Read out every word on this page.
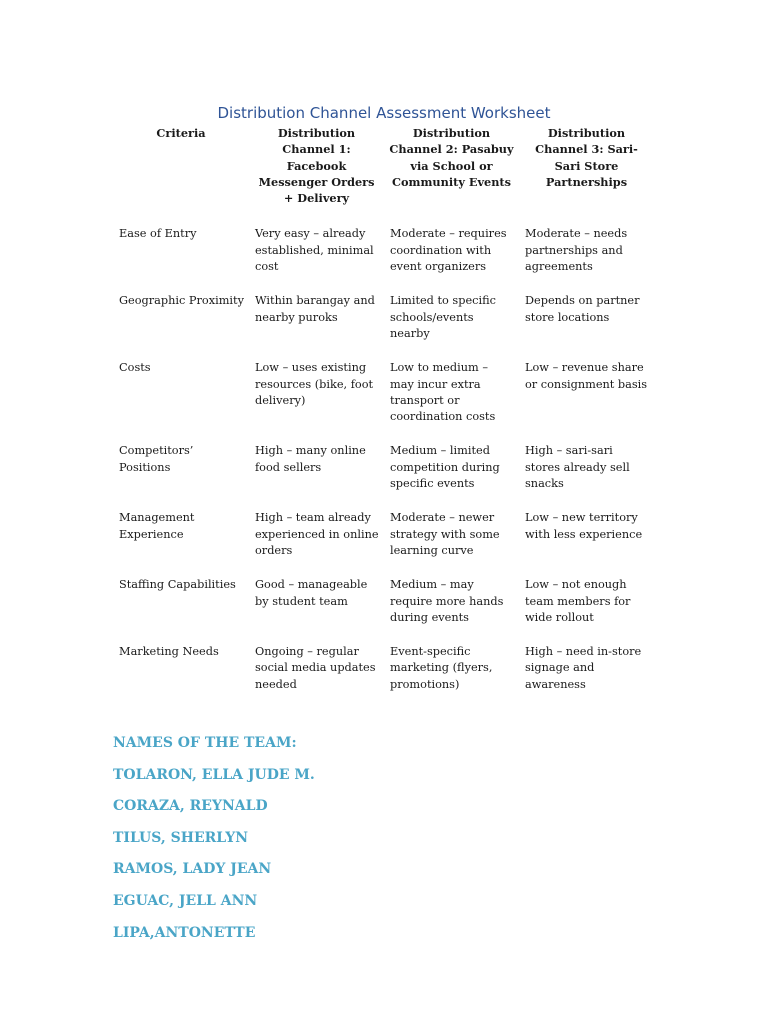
Distribution Channel Assessment Worksheet
Criteria	Distribution Channel 1: Facebook Messenger Orders + Delivery	Distribution Channel 2: Pasabuy via School or Community Events	Distribution Channel 3: Sari-Sari Store Partnerships
Ease of Entry	Very easy – already established, minimal cost	Moderate – requires coordination with event organizers	Moderate – needs partnerships and agreements
Geographic Proximity	Within barangay and nearby puroks	Limited to specific schools/events nearby	Depends on partner store locations
Costs	Low – uses existing resources (bike, foot delivery)	Low to medium – may incur extra transport or coordination costs	Low – revenue share or consignment basis
Competitors’ Positions	High – many online food sellers	Medium – limited competition during specific events	High – sari-sari stores already sell snacks
Management Experience	High – team already experienced in online orders	Moderate – newer strategy with some learning curve	Low – new territory with less experience
Staffing Capabilities	Good – manageable by student team	Medium – may require more hands during events	Low – not enough team members for wide rollout
Marketing Needs	Ongoing – regular social media updates needed	Event-specific marketing (flyers, promotions)	High – need in-store signage and awareness
NAMES OF THE TEAM:
TOLARON, ELLA JUDE M.
CORAZA, REYNALD
TILUS, SHERLYN
RAMOS, LADY JEAN
EGUAC, JELL ANN
LIPA,ANTONETTE
